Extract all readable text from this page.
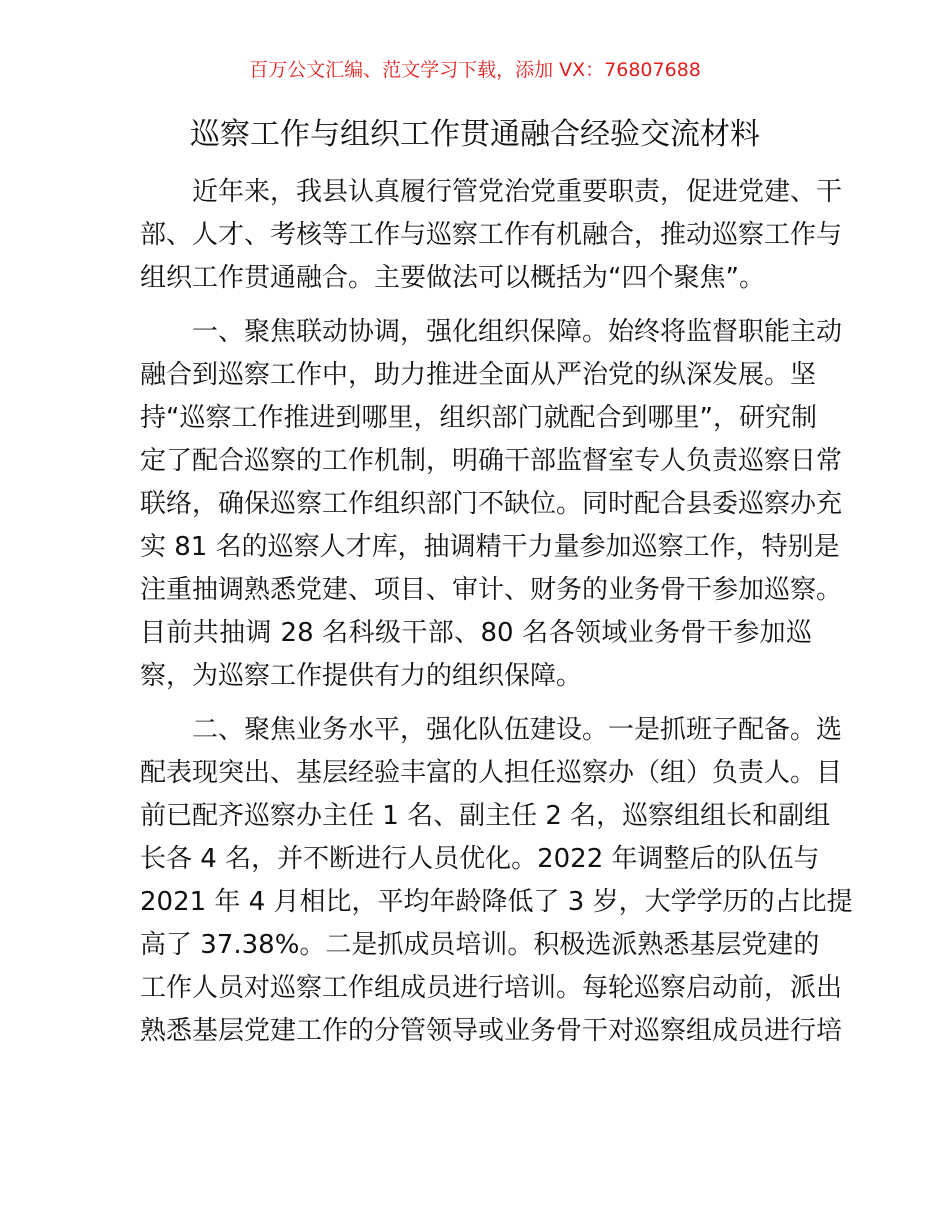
百万公文汇编、范文学习下载，添加 VX：76807688
巡察工作与组织工作贯通融合经验交流材料
近年来，我县认真履行管党治党重要职责，促进党建、干
部、人才、考核等工作与巡察工作有机融合，推动巡察工作与
组织工作贯通融合。主要做法可以概括为“四个聚焦”。
一、聚焦联动协调，强化组织保障。始终将监督职能主动
融合到巡察工作中，助力推进全面从严治党的纵深发展。坚
持“巡察工作推进到哪里，组织部门就配合到哪里”，研究制
定了配合巡察的工作机制，明确干部监督室专人负责巡察日常
联络，确保巡察工作组织部门不缺位。同时配合县委巡察办充
实 81 名的巡察人才库，抽调精干力量参加巡察工作，特别是
注重抽调熟悉党建、项目、审计、财务的业务骨干参加巡察。
目前共抽调 28 名科级干部、80 名各领域业务骨干参加巡
察，为巡察工作提供有力的组织保障。
二、聚焦业务水平，强化队伍建设。一是抓班子配备。选
配表现突出、基层经验丰富的人担任巡察办（组）负责人。目
前已配齐巡察办主任 1 名、副主任 2 名，巡察组组长和副组
长各 4 名，并不断进行人员优化。2022 年调整后的队伍与
2021 年 4 月相比，平均年龄降低了 3 岁，大学学历的占比提
高了 37.38%。二是抓成员培训。积极选派熟悉基层党建的
工作人员对巡察工作组成员进行培训。每轮巡察启动前，派出
熟悉基层党建工作的分管领导或业务骨干对巡察组成员进行培
